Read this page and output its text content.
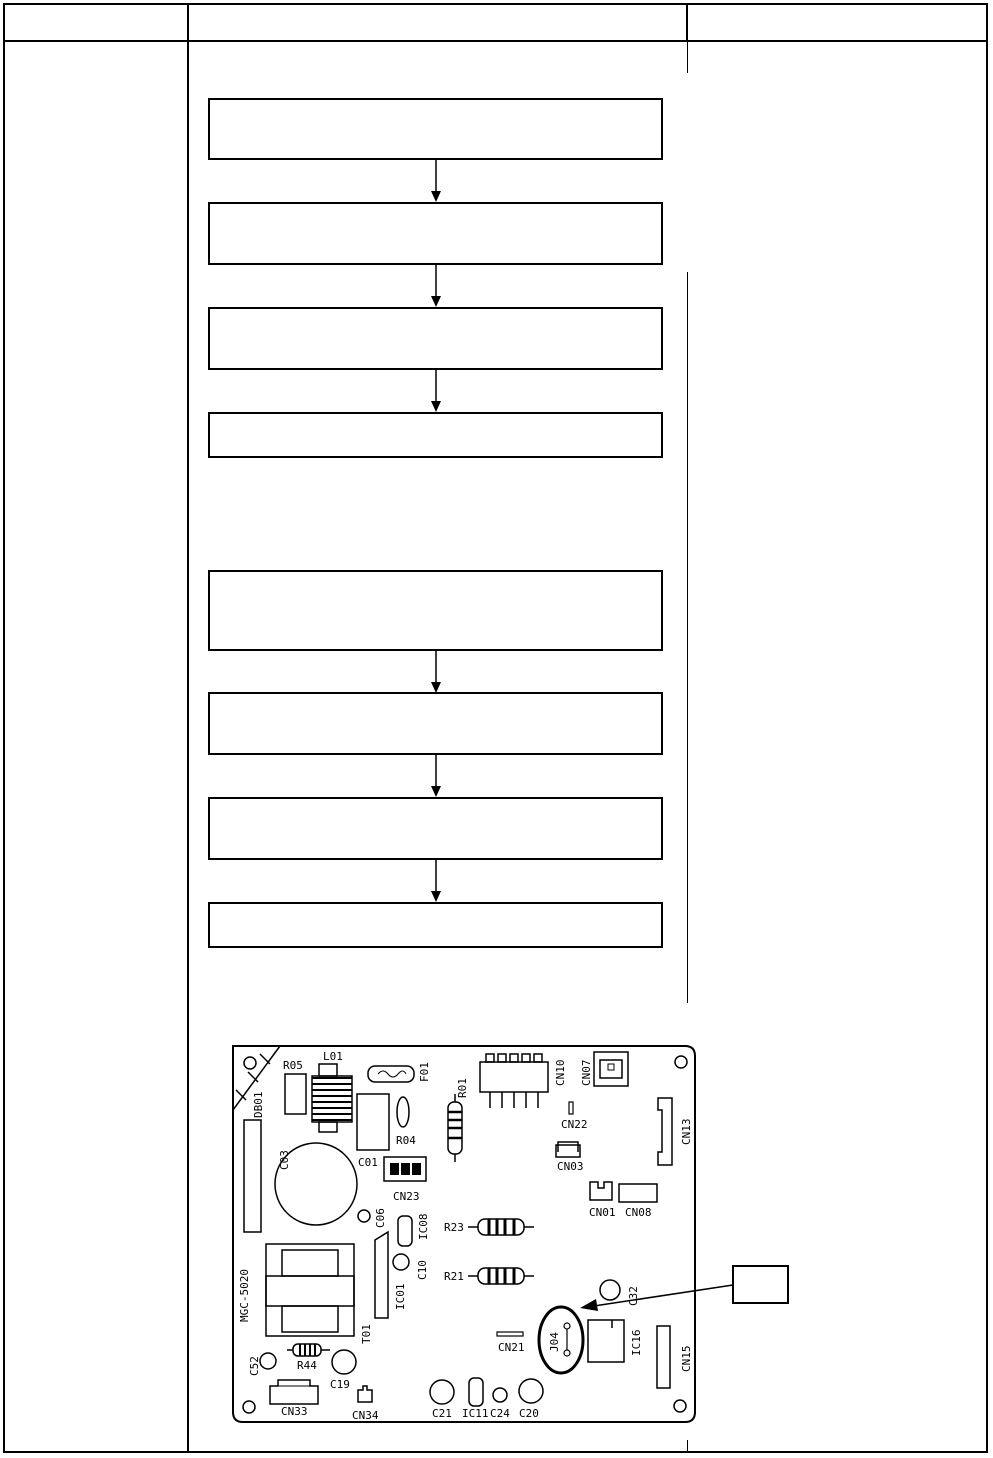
DB01
R05
L01
F01
C01
R04
R01
CN10 CN07
CN22	CN13
C03	CN03
CN23
CN01 CN08
C06	IC08 R23
T01
MGC-5020	IC01
C10 R21
C32
J04	IC16
CN15
CN21
R44
C52
C19
CN33	CN34	C21 IC11 C24 C20
